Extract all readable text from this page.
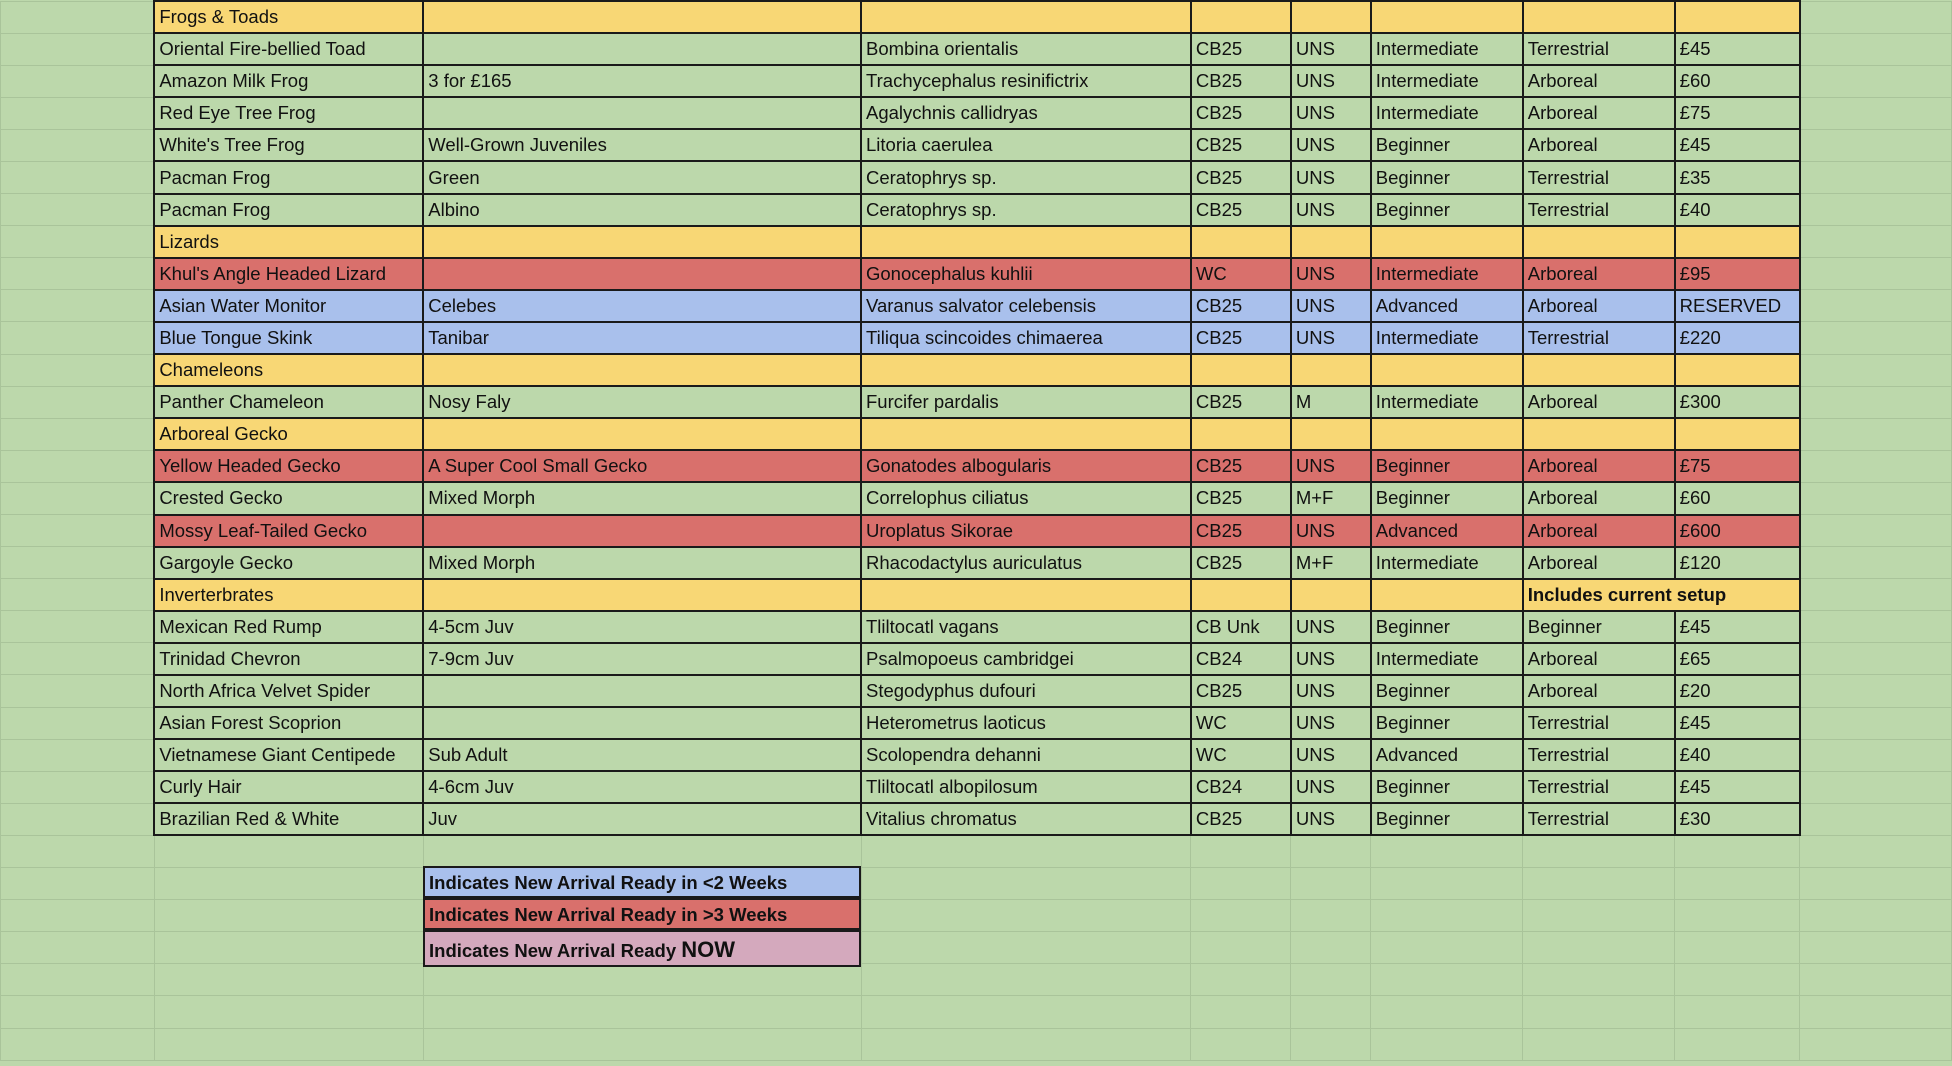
	Frogs & Toads								
	Oriental Fire-bellied Toad		Bombina orientalis	CB25	UNS	Intermediate	Terrestrial	£45	
	Amazon Milk Frog	3 for £165	Trachycephalus resinifictrix	CB25	UNS	Intermediate	Arboreal	£60	
	Red Eye Tree Frog		Agalychnis callidryas	CB25	UNS	Intermediate	Arboreal	£75	
	White's Tree Frog	Well-Grown Juveniles	Litoria caerulea	CB25	UNS	Beginner	Arboreal	£45	
	Pacman Frog	Green	Ceratophrys sp.	CB25	UNS	Beginner	Terrestrial	£35	
	Pacman Frog	Albino	Ceratophrys sp.	CB25	UNS	Beginner	Terrestrial	£40	
	Lizards								
	Khul's Angle Headed Lizard		Gonocephalus kuhlii	WC	UNS	Intermediate	Arboreal	£95	
	Asian Water Monitor	Celebes	Varanus salvator celebensis	CB25	UNS	Advanced	Arboreal	RESERVED	
	Blue Tongue Skink	Tanibar	Tiliqua scincoides chimaerea	CB25	UNS	Intermediate	Terrestrial	£220	
	Chameleons								
	Panther Chameleon	Nosy Faly	Furcifer pardalis	CB25	M	Intermediate	Arboreal	£300	
	Arboreal Gecko								
	Yellow Headed Gecko	A Super Cool Small Gecko	Gonatodes albogularis	CB25	UNS	Beginner	Arboreal	£75	
	Crested Gecko	Mixed Morph	Correlophus ciliatus	CB25	M+F	Beginner	Arboreal	£60	
	Mossy Leaf-Tailed Gecko		Uroplatus Sikorae	CB25	UNS	Advanced	Arboreal	£600	
	Gargoyle Gecko	Mixed Morph	Rhacodactylus auriculatus	CB25	M+F	Intermediate	Arboreal	£120	
	Inverterbrates						Includes current setup		
	Mexican Red Rump	4-5cm Juv	Tliltocatl vagans	CB Unk	UNS	Beginner	Beginner	£45	
	Trinidad Chevron	7-9cm Juv	Psalmopoeus cambridgei	CB24	UNS	Intermediate	Arboreal	£65	
	North Africa Velvet Spider		Stegodyphus dufouri	CB25	UNS	Beginner	Arboreal	£20	
	Asian Forest Scoprion		Heterometrus laoticus	WC	UNS	Beginner	Terrestrial	£45	
	Vietnamese Giant Centipede	Sub Adult	Scolopendra dehanni	WC	UNS	Advanced	Terrestrial	£40	
	Curly Hair	4-6cm Juv	Tliltocatl albopilosum	CB24	UNS	Beginner	Terrestrial	£45	
	Brazilian Red & White	Juv	Vitalius chromatus	CB25	UNS	Beginner	Terrestrial	£30	

Indicates New Arrival Ready in <2 Weeks
Indicates New Arrival Ready in >3 Weeks
Indicates New Arrival Ready NOW
